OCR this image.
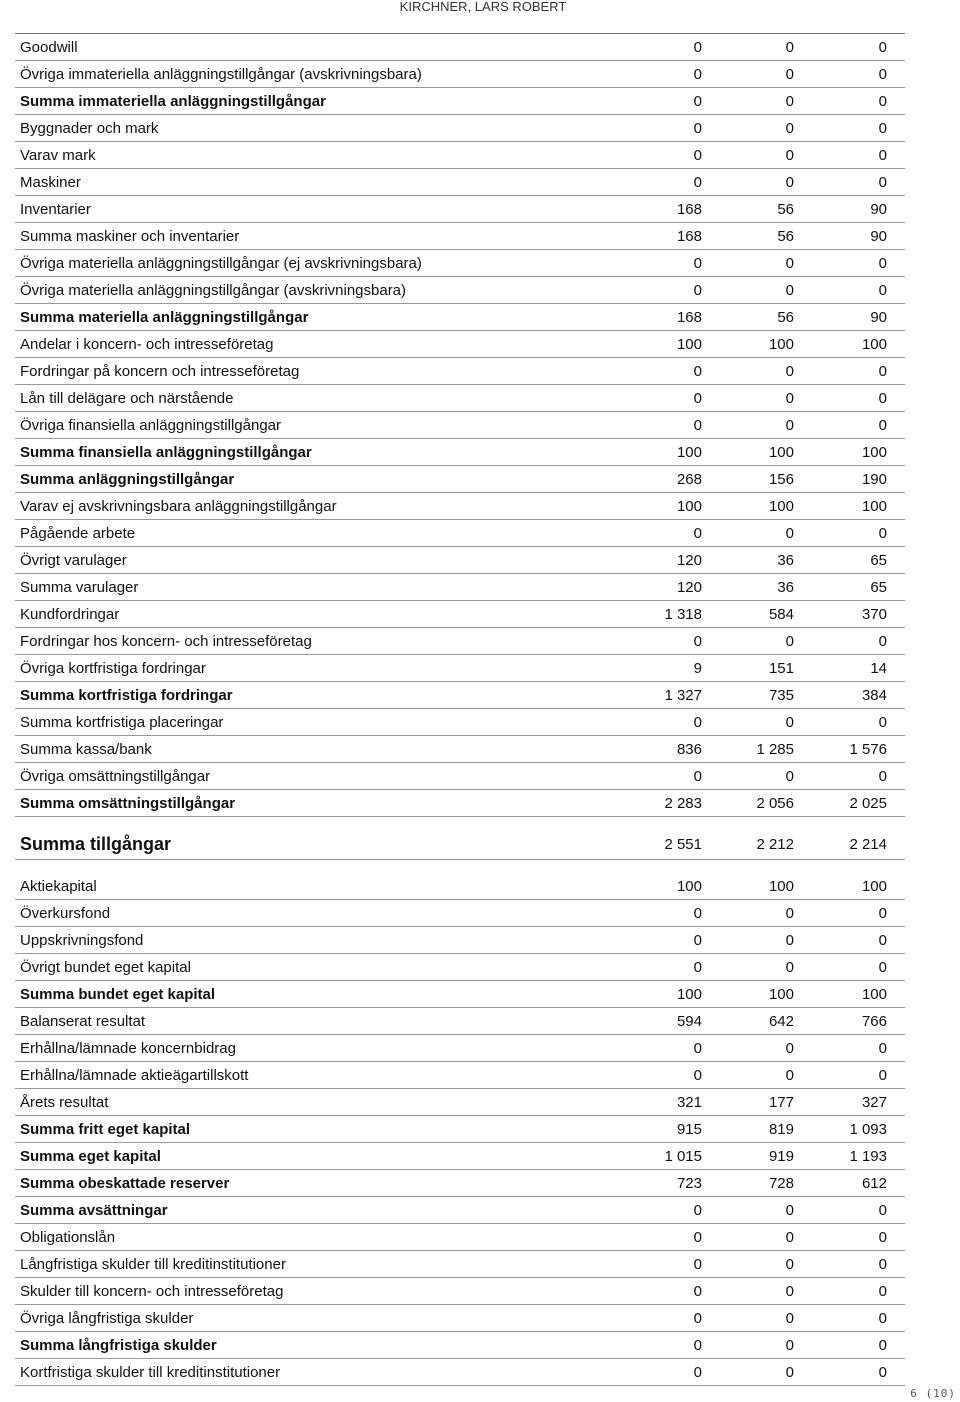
KIRCHNER, LARS ROBERT
Goodwill	0	0	0
Övriga immateriella anläggningstillgångar (avskrivningsbara)	0	0	0
Summa immateriella anläggningstillgångar	0	0	0
Byggnader och mark	0	0	0
Varav mark	0	0	0
Maskiner	0	0	0
Inventarier	168	56	90
Summa maskiner och inventarier	168	56	90
Övriga materiella anläggningstillgångar (ej avskrivningsbara)	0	0	0
Övriga materiella anläggningstillgångar (avskrivningsbara)	0	0	0
Summa materiella anläggningstillgångar	168	56	90
Andelar i koncern- och intresseföretag	100	100	100
Fordringar på koncern och intresseföretag	0	0	0
Lån till delägare och närstående	0	0	0
Övriga finansiella anläggningstillgångar	0	0	0
Summa finansiella anläggningstillgångar	100	100	100
Summa anläggningstillgångar	268	156	190
Varav ej avskrivningsbara anläggningstillgångar	100	100	100
Pågående arbete	0	0	0
Övrigt varulager	120	36	65
Summa varulager	120	36	65
Kundfordringar	1 318	584	370
Fordringar hos koncern- och intresseföretag	0	0	0
Övriga kortfristiga fordringar	9	151	14
Summa kortfristiga fordringar	1 327	735	384
Summa kortfristiga placeringar	0	0	0
Summa kassa/bank	836	1 285	1 576
Övriga omsättningstillgångar	0	0	0
Summa omsättningstillgångar	2 283	2 056	2 025
Summa tillgångar	2 551	2 212	2 214
Aktiekapital	100	100	100
Överkursfond	0	0	0
Uppskrivningsfond	0	0	0
Övrigt bundet eget kapital	0	0	0
Summa bundet eget kapital	100	100	100
Balanserat resultat	594	642	766
Erhållna/lämnade koncernbidrag	0	0	0
Erhållna/lämnade aktieägartillskott	0	0	0
Årets resultat	321	177	327
Summa fritt eget kapital	915	819	1 093
Summa eget kapital	1 015	919	1 193
Summa obeskattade reserver	723	728	612
Summa avsättningar	0	0	0
Obligationslån	0	0	0
Långfristiga skulder till kreditinstitutioner	0	0	0
Skulder till koncern- och intresseföretag	0	0	0
Övriga långfristiga skulder	0	0	0
Summa långfristiga skulder	0	0	0
Kortfristiga skulder till kreditinstitutioner	0	0	0
6 (10)
